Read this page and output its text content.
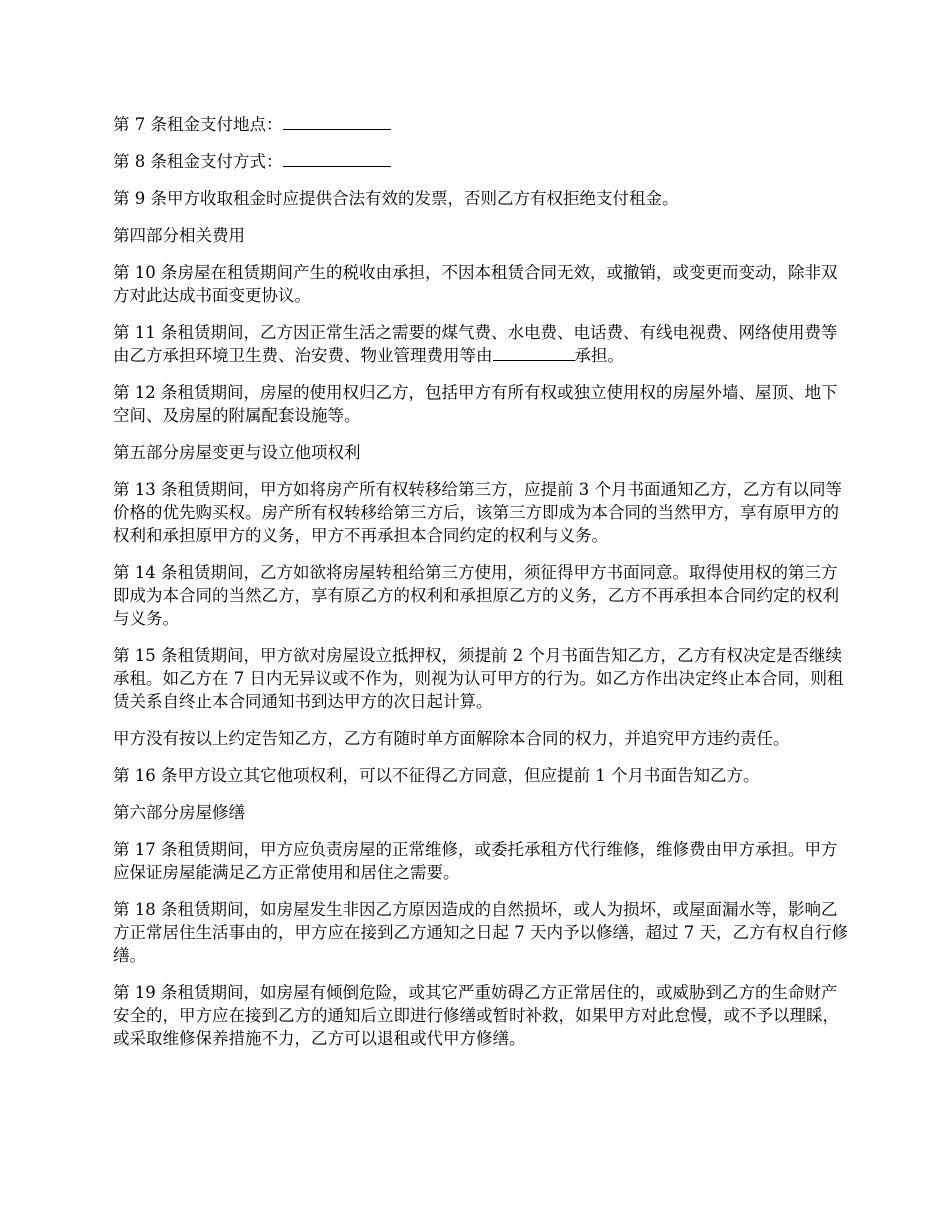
第 7 条租金支付地点：

第 8 条租金支付方式：

第 9 条甲方收取租金时应提供合法有效的发票，否则乙方有权拒绝支付租金。

第四部分相关费用

第 10 条房屋在租赁期间产生的税收由承担，不因本租赁合同无效，或撤销，或变更而变动，除非双方对此达成书面变更协议。

第 11 条租赁期间，乙方因正常生活之需要的煤气费、水电费、电话费、有线电视费、网络使用费等由乙方承担环境卫生费、治安费、物业管理费用等由	承担。

第 12 条租赁期间，房屋的使用权归乙方，包括甲方有所有权或独立使用权的房屋外墙、屋顶、地下空间、及房屋的附属配套设施等。

第五部分房屋变更与设立他项权利

第 13 条租赁期间，甲方如将房产所有权转移给第三方，应提前 3 个月书面通知乙方，乙方有以同等价格的优先购买权。房产所有权转移给第三方后，该第三方即成为本合同的当然甲方，享有原甲方的权利和承担原甲方的义务，甲方不再承担本合同约定的权利与义务。

第 14 条租赁期间，乙方如欲将房屋转租给第三方使用，须征得甲方书面同意。取得使用权的第三方即成为本合同的当然乙方，享有原乙方的权利和承担原乙方的义务，乙方不再承担本合同约定的权利与义务。

第 15 条租赁期间，甲方欲对房屋设立抵押权，须提前 2 个月书面告知乙方，乙方有权决定是否继续承租。如乙方在 7 日内无异议或不作为，则视为认可甲方的行为。如乙方作出决定终止本合同，则租赁关系自终止本合同通知书到达甲方的次日起计算。

甲方没有按以上约定告知乙方，乙方有随时单方面解除本合同的权力，并追究甲方违约责任。

第 16 条甲方设立其它他项权利，可以不征得乙方同意，但应提前 1 个月书面告知乙方。

第六部分房屋修缮

第 17 条租赁期间，甲方应负责房屋的正常维修，或委托承租方代行维修，维修费由甲方承担。甲方应保证房屋能满足乙方正常使用和居住之需要。

第 18 条租赁期间，如房屋发生非因乙方原因造成的自然损坏，或人为损坏，或屋面漏水等，影响乙方正常居住生活事由的，甲方应在接到乙方通知之日起 7 天内予以修缮，超过 7 天，乙方有权自行修缮。

第 19 条租赁期间，如房屋有倾倒危险，或其它严重妨碍乙方正常居住的，或威胁到乙方的生命财产安全的，甲方应在接到乙方的通知后立即进行修缮或暂时补救，如果甲方对此怠慢，或不予以理睬，或采取维修保养措施不力，乙方可以退租或代甲方修缮。
